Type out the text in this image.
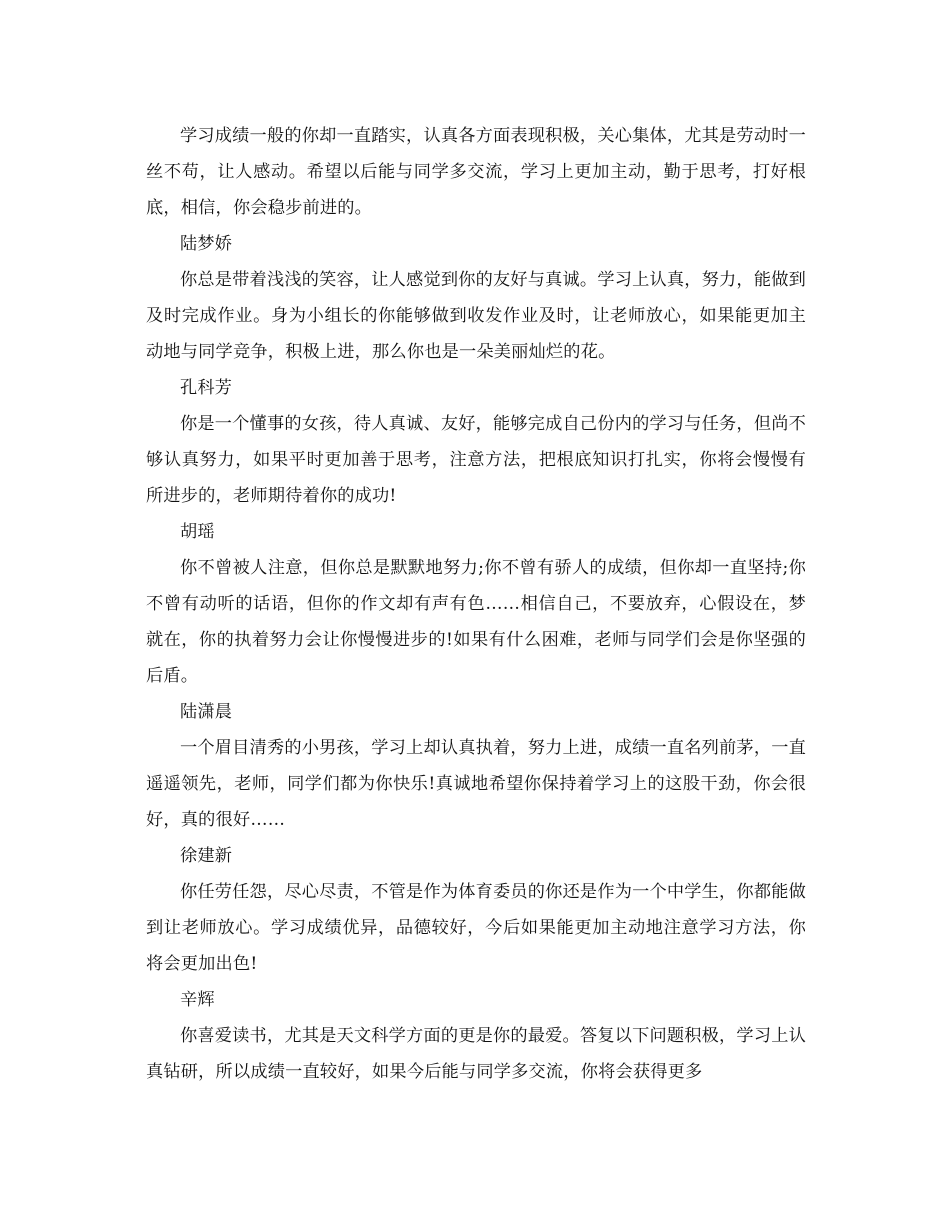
学习成绩一般的你却一直踏实，认真各方面表现积极，关心集体，尤其是劳动时一丝不苟，让人感动。希望以后能与同学多交流，学习上更加主动，勤于思考，打好根底，相信，你会稳步前进的。

陆梦娇

你总是带着浅浅的笑容，让人感觉到你的友好与真诚。学习上认真，努力，能做到及时完成作业。身为小组长的你能够做到收发作业及时，让老师放心，如果能更加主动地与同学竞争，积极上进，那么你也是一朵美丽灿烂的花。

孔科芳

你是一个懂事的女孩，待人真诚、友好，能够完成自己份内的学习与任务，但尚不够认真努力，如果平时更加善于思考，注意方法，把根底知识打扎实，你将会慢慢有所进步的，老师期待着你的成功!

胡瑶

你不曾被人注意，但你总是默默地努力;你不曾有骄人的成绩，但你却一直坚持;你不曾有动听的话语，但你的作文却有声有色……相信自己，不要放弃，心假设在，梦就在，你的执着努力会让你慢慢进步的!如果有什么困难，老师与同学们会是你坚强的后盾。

陆潇晨

一个眉目清秀的小男孩，学习上却认真执着，努力上进，成绩一直名列前茅，一直遥遥领先，老师，同学们都为你快乐!真诚地希望你保持着学习上的这股干劲，你会很好，真的很好……

徐建新

你任劳任怨，尽心尽责，不管是作为体育委员的你还是作为一个中学生，你都能做到让老师放心。学习成绩优异，品德较好，今后如果能更加主动地注意学习方法，你将会更加出色!

辛辉

你喜爱读书，尤其是天文科学方面的更是你的最爱。答复以下问题积极，学习上认真钻研，所以成绩一直较好，如果今后能与同学多交流，你将会获得更多
